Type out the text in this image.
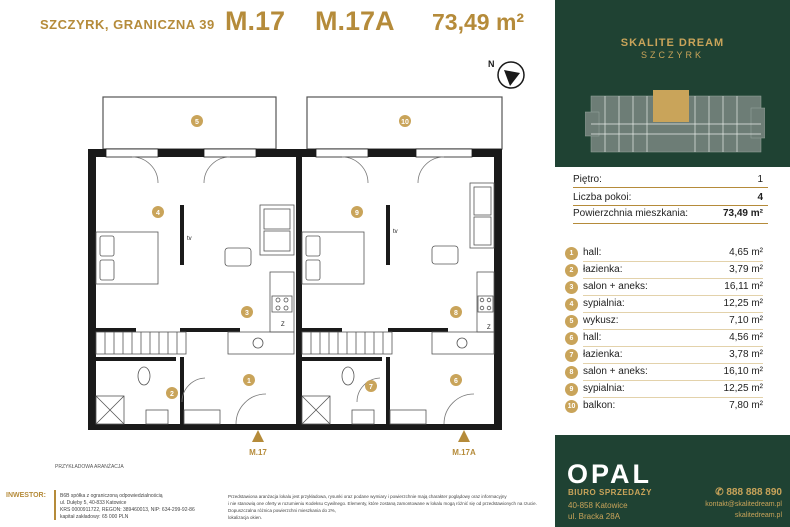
SZCZYRK, GRANICZNA 39 M.17 M.17A 73,49 m²
N
5	10
4	9
3	8
2
7
1	6
tv
tv
Z	Z
M.17	M.17A
PRZYKŁADOWA ARANŻACJA
INWESTOR:	B6B spółka z ograniczoną odpowiedzialnością
ul. Dułęby 5, 40-833 Katowice
KRS 0000911722, REGON: 389460013, NIP: 634-299-92-86
kapitał zakładowy: 65 000 PLN
Przedstawiona aranżacja lokalu jest przykładowa, rysunki oraz podane wymiary i powierzchnie mają charakter poglądowy oraz informacyjny
i nie stanowią one oferty w rozumieniu Kodeksu Cywilnego. Elementy, które zostaną zamontowane w lokalu mogą różnić się od przedstawionych na rzucie. Dopuszczalna różnica powierzchni mieszkania do 2%,
lokalizacja okien.
SKALITE DREAM
SZCZYRK
OPAL
BIURO SPRZEDAŻY
40-858 Katowice
ul. Bracka 28A
✆ 888 888 890
kontakt@skalitedream.pl
skalitedream.pl
Piętro:	1
Liczba pokoi:	4
Powierzchnia mieszkania:	73,49 m²
1 hall:	4,65 m²
2 łazienka:	3,79 m²
3 salon + aneks:	16,11 m²
4 sypialnia:	12,25 m²
5 wykusz:	7,10 m²
6 hall:	4,56 m²
7 łazienka:	3,78 m²
8 salon + aneks:	16,10 m²
9 sypialnia:	12,25 m²
10 balkon:	7,80 m²
